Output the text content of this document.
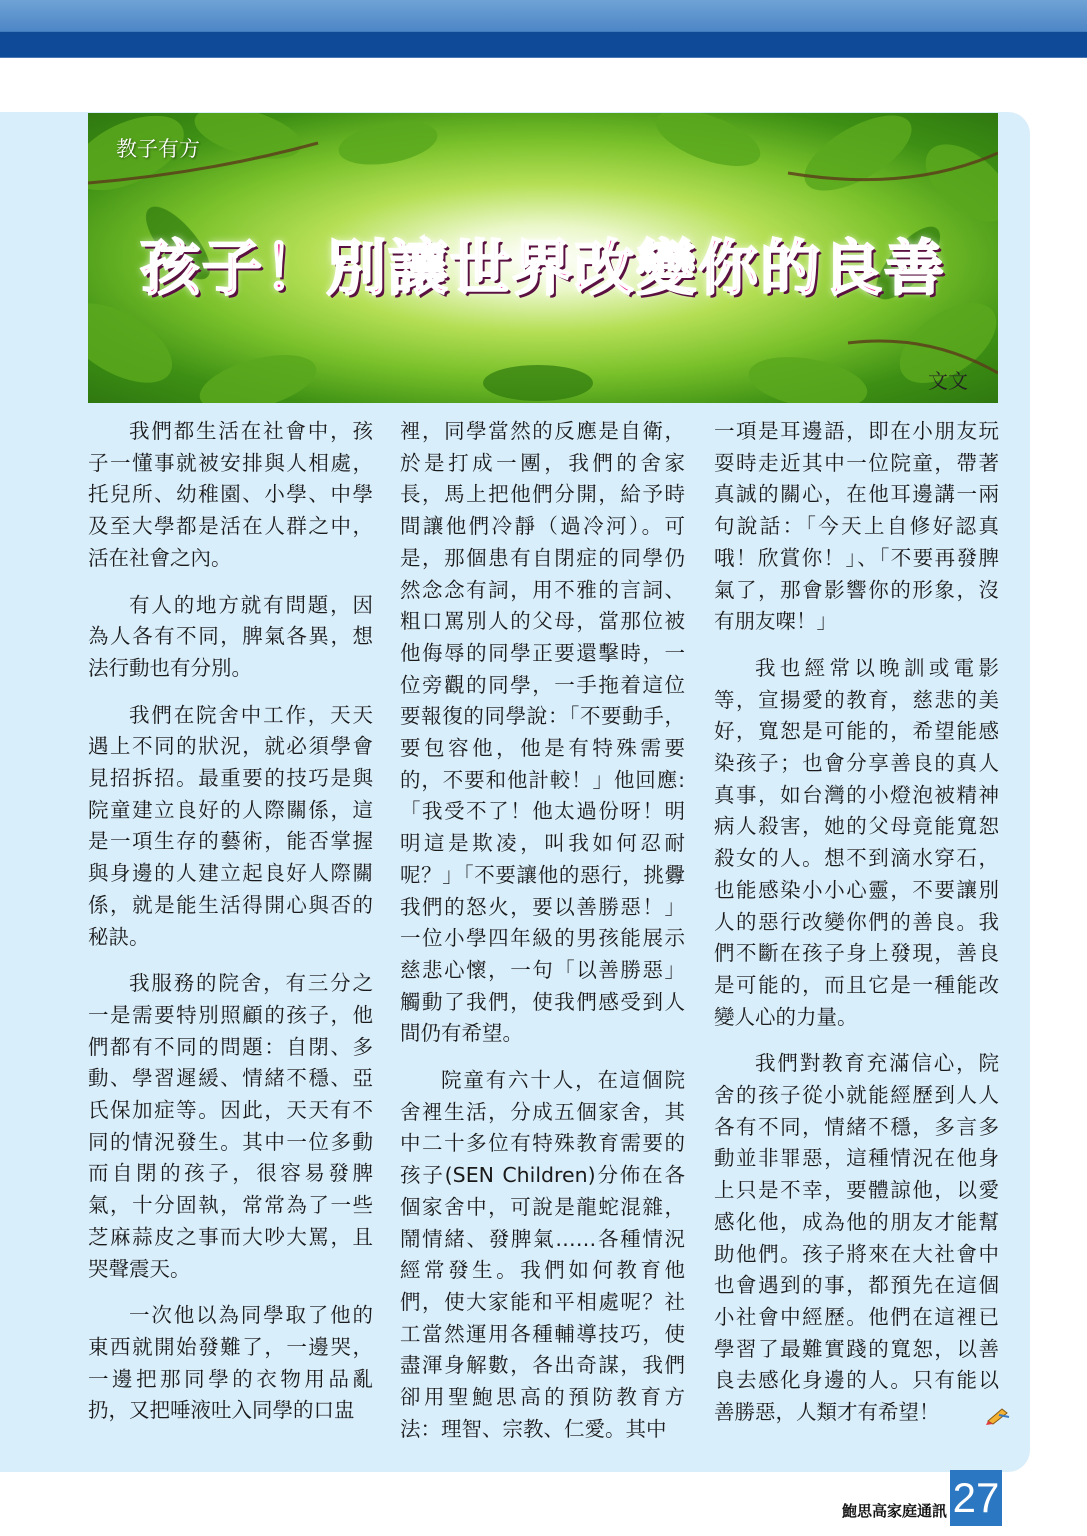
教子有方
孩子！別讓世界改變你的良善
文文

我們都生活在社會中，孩子一懂事就被安排與人相處，托兒所、幼稚園、小學、中學及至大學都是活在人群之中，活在社會之內。

有人的地方就有問題，因為人各有不同，脾氣各異，想法行動也有分別。

我們在院舍中工作，天天遇上不同的狀況，就必須學會見招拆招。最重要的技巧是與院童建立良好的人際關係，這是一項生存的藝術，能否掌握與身邊的人建立起良好人際關係，就是能生活得開心與否的秘訣。

我服務的院舍，有三分之一是需要特別照顧的孩子，他們都有不同的問題：自閉、多動、學習遲緩、情緒不穩、亞氏保加症等。因此，天天有不同的情況發生。其中一位多動而自閉的孩子，很容易發脾氣，十分固執，常常為了一些芝麻蒜皮之事而大吵大罵，且哭聲震天。

一次他以為同學取了他的東西就開始發難了，一邊哭，一邊把那同學的衣物用品亂扔，又把唾液吐入同學的口盅

裡，同學當然的反應是自衛，於是打成一團，我們的舍家長，馬上把他們分開，給予時間讓他們冷靜（過冷河）。可是，那個患有自閉症的同學仍然念念有詞，用不雅的言詞、粗口罵別人的父母，當那位被他侮辱的同學正要還擊時，一位旁觀的同學，一手拖着這位要報復的同學說：「不要動手，要包容他，他是有特殊需要的，不要和他計較！」他回應:「我受不了！他太過份呀！明明這是欺凌，叫我如何忍耐呢？」「不要讓他的惡行，挑釁我們的怒火，要以善勝惡！」一位小學四年級的男孩能展示慈悲心懷，一句「以善勝惡」觸動了我們，使我們感受到人間仍有希望。

院童有六十人，在這個院舍裡生活，分成五個家舍，其中二十多位有特殊教育需要的孩子(SEN Children)分佈在各個家舍中，可說是龍蛇混雜，鬧情緒、發脾氣……各種情況經常發生。我們如何教育他們，使大家能和平相處呢？社工當然運用各種輔導技巧，使盡渾身解數，各出奇謀，我們卻用聖鮑思高的預防教育方法：理智、宗教、仁愛。其中

一項是耳邊語，即在小朋友玩耍時走近其中一位院童，帶著真誠的關心，在他耳邊講一兩句說話：「今天上自修好認真哦！欣賞你！」、「不要再發脾氣了，那會影響你的形象，沒有朋友㗎！」

我也經常以晚訓或電影等，宣揚愛的教育，慈悲的美好，寬恕是可能的，希望能感染孩子；也會分享善良的真人真事，如台灣的小燈泡被精神病人殺害，她的父母竟能寬恕殺女的人。想不到滴水穿石，也能感染小小心靈，不要讓別人的惡行改變你們的善良。我們不斷在孩子身上發現，善良是可能的，而且它是一種能改變人心的力量。

我們對教育充滿信心，院舍的孩子從小就能經歷到人人各有不同，情緒不穩，多言多動並非罪惡，這種情況在他身上只是不幸，要體諒他，以愛感化他，成為他的朋友才能幫助他們。孩子將來在大社會中也會遇到的事，都預先在這個小社會中經歷。他們在這裡已學習了最難實踐的寬恕，以善良去感化身邊的人。只有能以善勝惡，人類才有希望！

鮑思高家庭通訊 27
